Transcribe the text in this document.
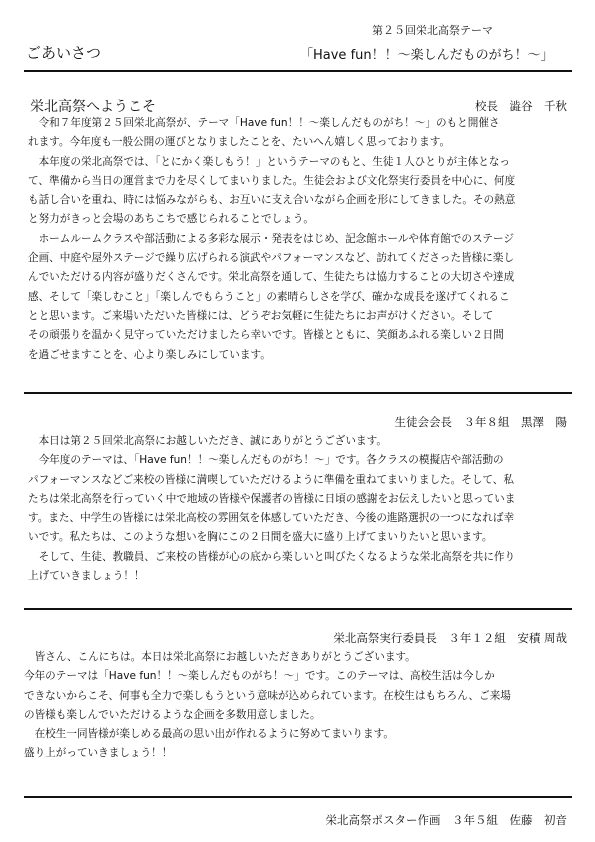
第２５回栄北高祭テーマ
ごあいさつ	「Have fun！！～楽しんだものがち！～」
栄北高祭へようこそ	校長　澁谷　千秋

　令和７年度第２５回栄北高祭が、テーマ「Have fun！！～楽しんだものがち！～」のもと開催さ

れます。今年度も一般公開の運びとなりましたことを、たいへん嬉しく思っております。

　本年度の栄北高祭では、「とにかく楽しもう！」というテーマのもと、生徒１人ひとりが主体となっ

て、準備から当日の運営まで力を尽くしてまいりました。生徒会および文化祭実行委員を中心に、何度

も話し合いを重ね、時には悩みながらも、お互いに支え合いながら企画を形にしてきました。その熱意

と努力がきっと会場のあちこちで感じられることでしょう。

　ホームルームクラスや部活動による多彩な展示・発表をはじめ、記念館ホールや体育館でのステージ

企画、中庭や屋外ステージで繰り広げられる演武やパフォーマンスなど、訪れてくださった皆様に楽し

んでいただける内容が盛りだくさんです。栄北高祭を通して、生徒たちは協力することの大切さや達成

感、そして「楽しむこと」「楽しんでもらうこと」の素晴らしさを学び、確かな成長を遂げてくれるこ

とと思います。ご来場いただいた皆様には、どうぞお気軽に生徒たちにお声がけください。そして

その頑張りを温かく見守っていただけましたら幸いです。皆様とともに、笑顔あふれる楽しい２日間

を過ごせますことを、心より楽しみにしています。

生徒会会長　３年８組　黒澤　陽

　本日は第２５回栄北高祭にお越しいただき、誠にありがとうございます。

　今年度のテーマは、「Have fun！！～楽しんだものがち！～」です。各クラスの模擬店や部活動の

パフォーマンスなどご来校の皆様に満喫していただけるように準備を重ねてまいりました。そして、私

たちは栄北高祭を行っていく中で地域の皆様や保護者の皆様に日頃の感謝をお伝えしたいと思っていま

す。また、中学生の皆様には栄北高校の雰囲気を体感していただき、今後の進路選択の一つになれば幸

いです。私たちは、このような想いを胸にこの２日間を盛大に盛り上げてまいりたいと思います。

　そして、生徒、教職員、ご来校の皆様が心の底から楽しいと叫びたくなるような栄北高祭を共に作り

上げていきましょう！！

栄北高祭実行委員長　３年１２組　安積 周哉

　皆さん、こんにちは。本日は栄北高祭にお越しいただきありがとうございます。

今年のテーマは「Have fun！！～楽しんだものがち！～」です。このテーマは、高校生活は今しか

できないからこそ、何事も全力で楽しもうという意味が込められています。在校生はもちろん、ご来場

の皆様も楽しんでいただけるような企画を多数用意しました。

　在校生一同皆様が楽しめる最高の思い出が作れるように努めてまいります。

盛り上がっていきましょう！！

栄北高祭ポスター作画　３年５組　佐藤　初音
